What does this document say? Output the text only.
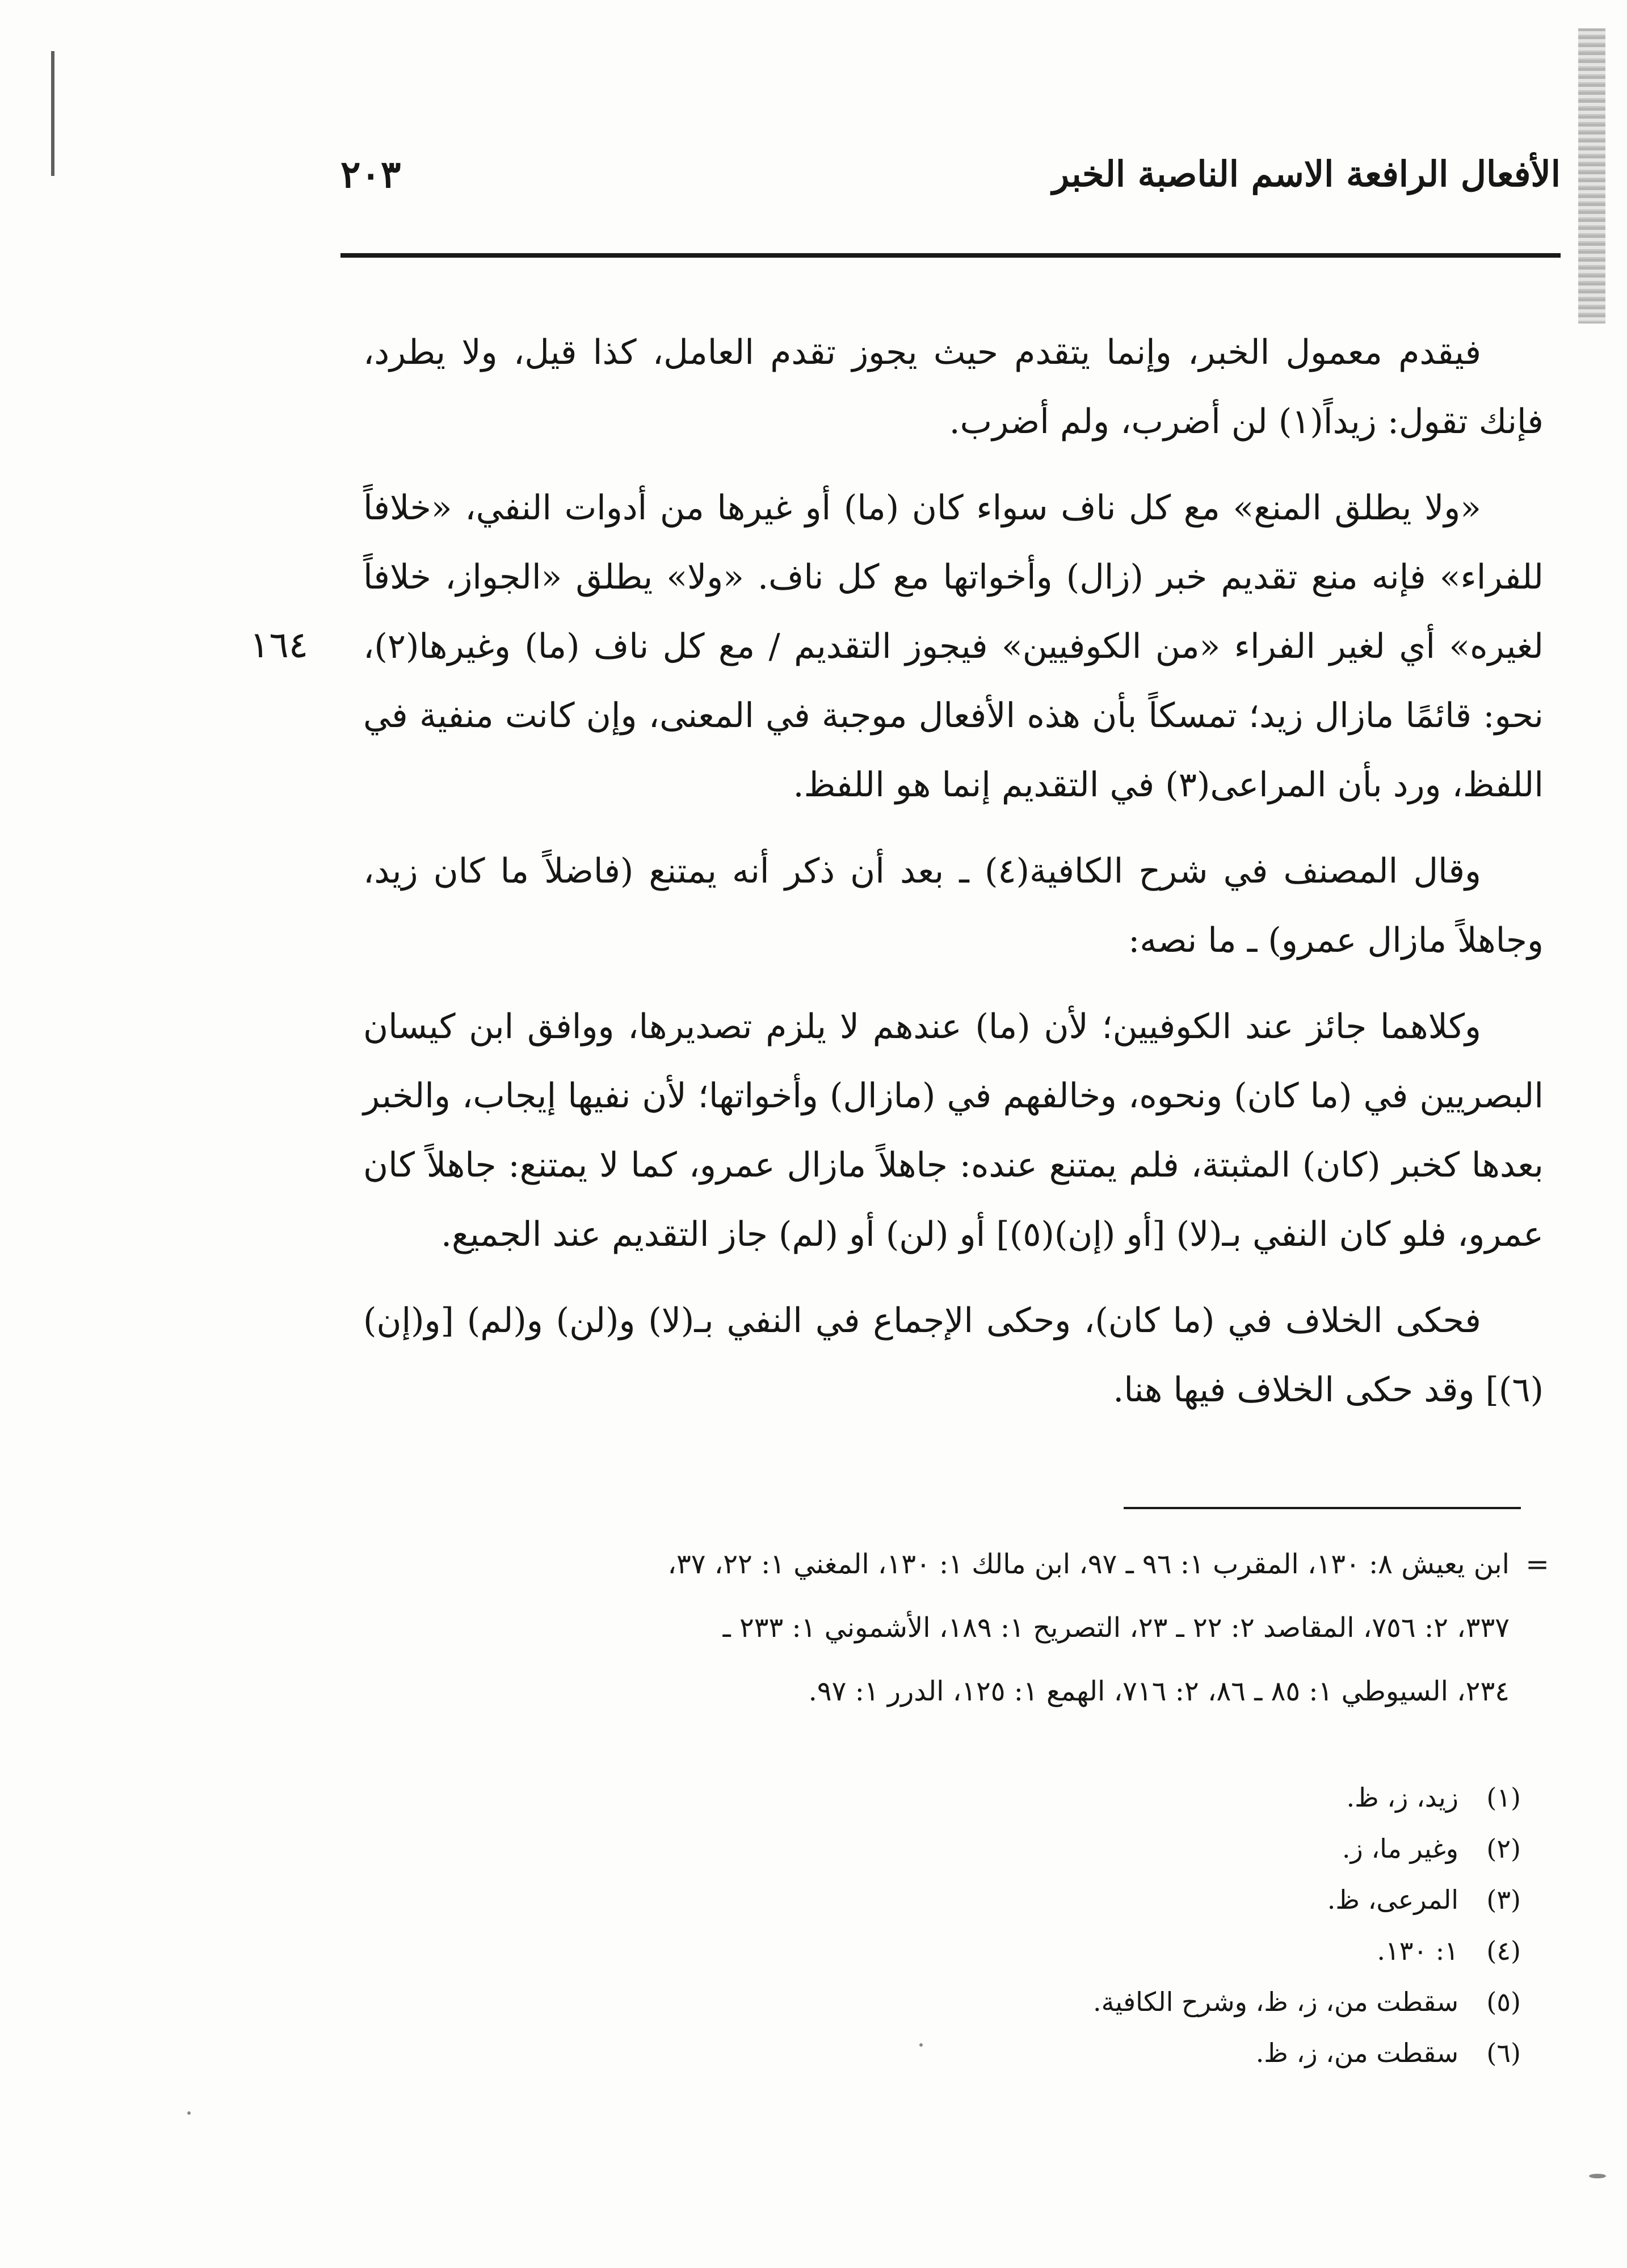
الأفعال الرافعة الاسم الناصبة الخبر
٢٠٣
١٦٤

فيقدم معمول الخبر، وإنما يتقدم حيث يجوز تقدم العامل، كذا قيل، ولا يطرد، فإنك تقول: زيداً(١) لن أضرب، ولم أضرب.

«ولا يطلق المنع» مع كل ناف سواء كان (ما) أو غيرها من أدوات النفي، «خلافاً للفراء» فإنه منع تقديم خبر (زال) وأخواتها مع كل ناف. «ولا» يطلق «الجواز، خلافاً لغيره» أي لغير الفراء «من الكوفيين» فيجوز التقديم / مع كل ناف (ما) وغيرها(٢)، نحو: قائمًا مازال زيد؛ تمسكاً بأن هذه الأفعال موجبة في المعنى، وإن كانت منفية في اللفظ، ورد بأن المراعى(٣) في التقديم إنما هو اللفظ.

وقال المصنف في شرح الكافية(٤) ـ بعد أن ذكر أنه يمتنع (فاضلاً ما كان زيد، وجاهلاً مازال عمرو) ـ ما نصه:

وكلاهما جائز عند الكوفيين؛ لأن (ما) عندهم لا يلزم تصديرها، ووافق ابن كيسان البصريين في (ما كان) ونحوه، وخالفهم في (مازال) وأخواتها؛ لأن نفيها إيجاب، والخبر بعدها كخبر (كان) المثبتة، فلم يمتنع عنده: جاهلاً مازال عمرو، كما لا يمتنع: جاهلاً كان عمرو، فلو كان النفي بـ(لا) [أو (إن)(٥)] أو (لن) أو (لم) جاز التقديم عند الجميع.

فحكى الخلاف في (ما كان)، وحكى الإجماع في النفي بـ(لا) و(لن) و(لم) [و(إن)(٦)] وقد حكى الخلاف فيها هنا.

=

ابن يعيش ٨: ١٣٠، المقرب ١: ٩٦ ـ ٩٧، ابن مالك ١: ١٣٠، المغني ١: ٢٢، ٣٧،

٣٣٧، ٢: ٧٥٦، المقاصد ٢: ٢٢ ـ ٢٣، التصريح ١: ١٨٩، الأشموني ١: ٢٣٣ ـ

٢٣٤، السيوطي ١: ٨٥ ـ ٨٦، ٢: ٧١٦، الهمع ١: ١٢٥، الدرر ١: ٩٧.

(١)
زيد، ز، ظ.
(٢)
وغير ما، ز.
(٣)
المرعى، ظ.
(٤)
١: ١٣٠.
(٥)
سقطت من، ز، ظ، وشرح الكافية.
(٦)
سقطت من، ز، ظ.
